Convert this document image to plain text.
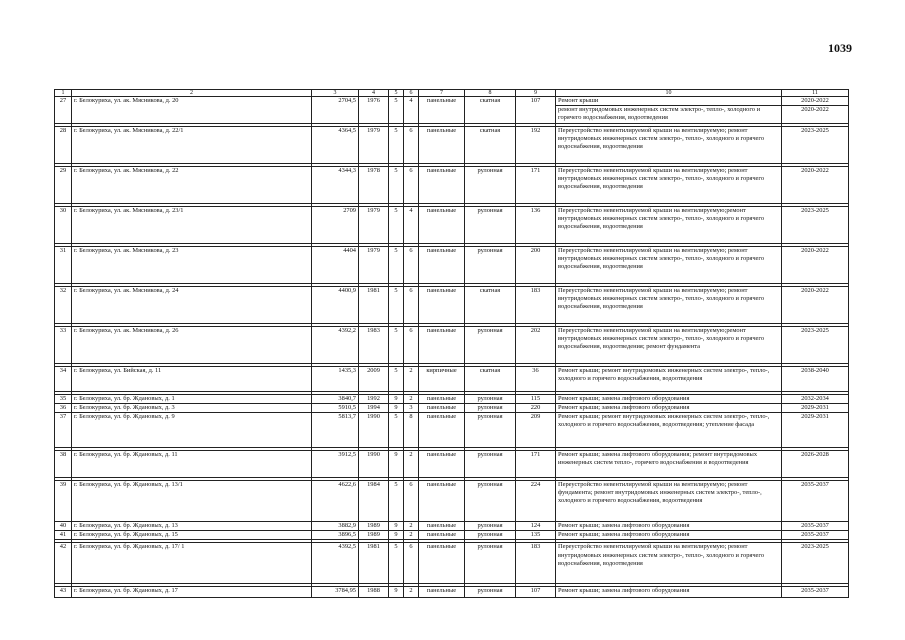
1039
1	2	3	4	5	6	7	8	9	10	11
27	г. Белокуриха, ул. ак. Мясникова, д. 20	2704,5	1976	5	4	панельные	скатная	107	Ремонт крыши	2020-2022
									ремонт внутридомовых инженерных систем электро-, тепло-, холодного и горячего водоснабжения, водоотведения	2020-2022

28	г. Белокуриха, ул. ак. Мясникова, д. 22/1	4364,5	1979	5	6	панельные	скатная	192	Переустройство невентилируемой крыши на вентилируемую; ремонт внутридомовых инженерных систем электро-, тепло-, холодного и горячего водоснабжения, водоотведения	2023-2025

29	г. Белокуриха, ул. ак. Мясникова, д. 22	4344,3	1978	5	6	панельные	рулонная	171	Переустройство невентилируемой крыши на вентилируемую; ремонт внутридомовых инженерных систем электро-, тепло-, холодного и горячего водоснабжения, водоотведения	2020-2022

30	г. Белокуриха, ул. ак. Мясникова, д. 23/1	2709	1979	5	4	панельные	рулонная	136	Переустройство невентилируемой крыши на вентилируемую;ремонт внутридомовых инженерных систем электро-, тепло-, холодного и горячего водоснабжения, водоотведения	2023-2025

31	г. Белокуриха, ул. ак. Мясникова, д. 23	4404	1979	5	6	панельные	рулонная	200	Переустройство невентилируемой крыши на вентилируемую; ремонт внутридомовых инженерных систем электро-, тепло-, холодного и горячего водоснабжения, водоотведения	2020-2022

32	г. Белокуриха, ул. ак. Мясникова, д. 24	4400,9	1981	5	6	панельные	скатная	183	Переустройство невентилируемой крыши на вентилируемую; ремонт внутридомовых инженерных систем электро-, тепло-, холодного и горячего водоснабжения, водоотведения	2020-2022

33	г. Белокуриха, ул. ак. Мясникова, д. 26	4392,2	1983	5	6	панельные	рулонная	202	Переустройство невентилируемой крыши на вентилируемую;ремонт внутридомовых инженерных систем электро-, тепло-, холодного и горячего водоснабжения, водоотведения; ремонт фундамента	2023-2025

34	г. Белокуриха, ул. Бийская, д. 11	1435,3	2009	5	2	кирпичные	скатная	36	Ремонт крыши; ремонт внутридомовых инженерных систем электро-, тепло-, холодного и горячего водоснабжения, водоотведения	2038-2040

35	г. Белокуриха, ул. бр. Ждановых, д. 1	3840,7	1992	9	2	панельные	рулонная	115	Ремонт крыши; замена лифтового оборудования	2032-2034
36	г. Белокуриха, ул. бр. Ждановых, д. 3	5910,5	1994	9	3	панельные	рулонная	220	Ремонт крыши; замена лифтового оборудования	2029-2031
37	г. Белокуриха, ул. бр. Ждановых, д. 9	5813,7	1990	5	8	панельные	рулонная	209	Ремонт крыши; ремонт внутридомовых инженерных систем электро-, тепло-, холодного и горячего водоснабжения, водоотведения; утепление фасада	2029-2031

38	г. Белокуриха, ул. бр. Ждановых, д. 11	3912,5	1990	9	2	панельные	рулонная	171	Ремонт крыши; замена лифтового оборудования; ремонт внутридомовых инженерных систем тепло-, горячего водоснабжения и водоотведения	2026-2028

39	г. Белокуриха, ул. бр. Ждановых, д. 13/1	4622,6	1984	5	6	панельные	рулонная	224	Переустройство невентилируемой крыши на вентилируемую; ремонт фундамента; ремонт внутридомовых инженерных систем электро-, тепло-, холодного и горячего водоснабжения, водоотведения	2035-2037
40	г. Белокуриха, ул. бр. Ждановых, д. 13	3882,9	1989	9	2	панельные	рулонная	124	Ремонт крыши; замена лифтового оборудования	2035-2037
41	г. Белокуриха, ул. бр. Ждановых, д. 15	3896,5	1989	9	2	панельные	рулонная	135	Ремонт крыши; замена лифтового оборудования	2035-2037

42	г. Белокуриха, ул. бр. Ждановых, д. 17/ 1	4392,5	1981	5	6	панельные	рулонная	183	Переустройство невентилируемой крыши на вентилируемую; ремонт внутридомовых инженерных систем электро-, тепло-, холодного и горячего водоснабжения, водоотведения	2023-2025

43	г. Белокуриха, ул. бр. Ждановых, д. 17	3784,95	1988	9	2	панельные	рулонная	107	Ремонт крыши; замена лифтового оборудования	2035-2037
